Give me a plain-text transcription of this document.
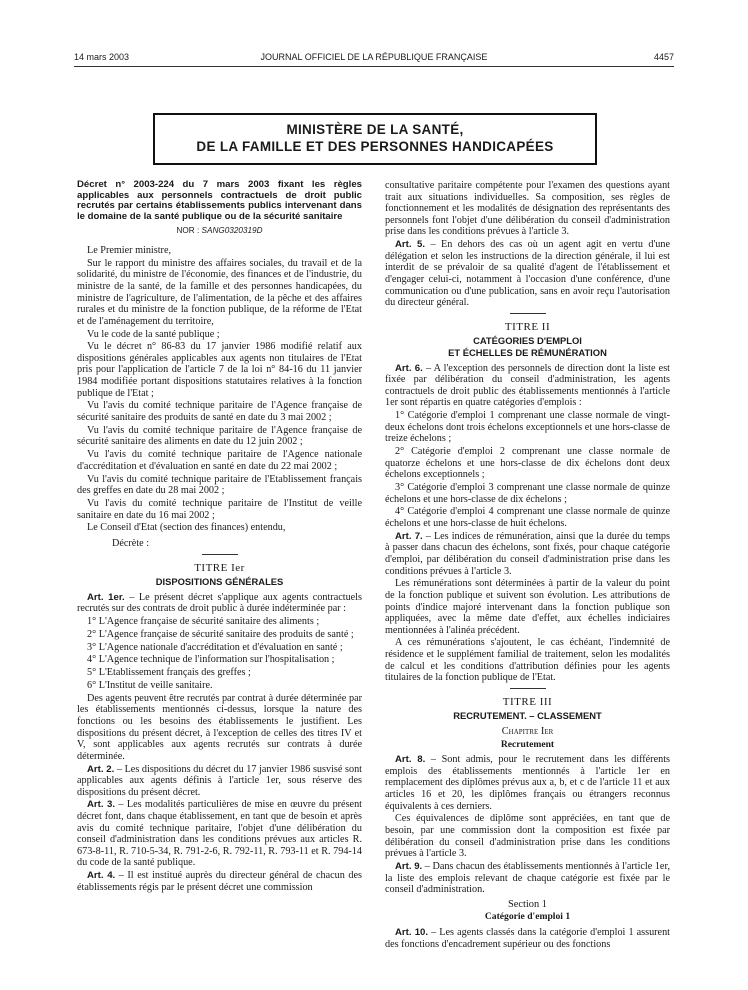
14 mars 2003	JOURNAL OFFICIEL DE LA RÉPUBLIQUE FRANÇAISE	4457
MINISTÈRE DE LA SANTÉ,
DE LA FAMILLE ET DES PERSONNES HANDICAPÉES

Décret n° 2003-224 du 7 mars 2003 fixant les règles applicables aux personnels contractuels de droit public recrutés par certains établissements publics intervenant dans le domaine de la santé publique ou de la sécurité sanitaire

NOR : SANG0320319D

Le Premier ministre,

Sur le rapport du ministre des affaires sociales, du travail et de la solidarité, du ministre de l'économie, des finances et de l'industrie, du ministre de la santé, de la famille et des personnes handicapées, du ministre de l'agriculture, de l'alimentation, de la pêche et des affaires rurales et du ministre de la fonction publique, de la réforme de l'Etat et de l'aménagement du territoire,

Vu le code de la santé publique ;

Vu le décret n° 86-83 du 17 janvier 1986 modifié relatif aux dispositions générales applicables aux agents non titulaires de l'Etat pris pour l'application de l'article 7 de la loi n° 84-16 du 11 janvier 1984 modifiée portant dispositions statutaires relatives à la fonction publique de l'Etat ;

Vu l'avis du comité technique paritaire de l'Agence française de sécurité sanitaire des produits de santé en date du 3 mai 2002 ;

Vu l'avis du comité technique paritaire de l'Agence française de sécurité sanitaire des aliments en date du 12 juin 2002 ;

Vu l'avis du comité technique paritaire de l'Agence nationale d'accréditation et d'évaluation en santé en date du 22 mai 2002 ;

Vu l'avis du comité technique paritaire de l'Etablissement français des greffes en date du 28 mai 2002 ;

Vu l'avis du comité technique paritaire de l'Institut de veille sanitaire en date du 16 mai 2002 ;

Le Conseil d'Etat (section des finances) entendu,

Décrète :

TITRE Ier

DISPOSITIONS GÉNÉRALES

Art. 1er. – Le présent décret s'applique aux agents contractuels recrutés sur des contrats de droit public à durée indéterminée par :

1° L'Agence française de sécurité sanitaire des aliments ;

2° L'Agence française de sécurité sanitaire des produits de santé ;

3° L'Agence nationale d'accréditation et d'évaluation en santé ;

4° L'Agence technique de l'information sur l'hospitalisation ;

5° L'Etablissement français des greffes ;

6° L'Institut de veille sanitaire.

Des agents peuvent être recrutés par contrat à durée déterminée par les établissements mentionnés ci-dessus, lorsque la nature des fonctions ou les besoins des établissements le justifient. Les dispositions du présent décret, à l'exception de celles des titres IV et V, sont applicables aux agents recrutés sur contrats à durée déterminée.

Art. 2. – Les dispositions du décret du 17 janvier 1986 susvisé sont applicables aux agents définis à l'article 1er, sous réserve des dispositions du présent décret.

Art. 3. – Les modalités particulières de mise en œuvre du présent décret font, dans chaque établissement, en tant que de besoin et après avis du comité technique paritaire, l'objet d'une délibération du conseil d'administration dans les conditions prévues aux articles R. 673-8-11, R. 710-5-34, R. 791-2-6, R. 792-11, R. 793-11 et R. 794-14 du code de la santé publique.

Art. 4. – Il est institué auprès du directeur général de chacun des établissements régis par le présent décret une commission

consultative paritaire compétente pour l'examen des questions ayant trait aux situations individuelles. Sa composition, ses règles de fonctionnement et les modalités de désignation des représentants des personnels font l'objet d'une délibération du conseil d'administration prise dans les conditions prévues à l'article 3.

Art. 5. – En dehors des cas où un agent agit en vertu d'une délégation et selon les instructions de la direction générale, il lui est interdit de se prévaloir de sa qualité d'agent de l'établissement et d'engager celui-ci, notamment à l'occasion d'une conférence, d'une communication ou d'une publication, sans en avoir reçu l'autorisation du directeur général.

TITRE II

CATÉGORIES D'EMPLOI

ET ÉCHELLES DE RÉMUNÉRATION

Art. 6. – A l'exception des personnels de direction dont la liste est fixée par délibération du conseil d'administration, les agents contractuels de droit public des établissements mentionnés à l'article 1er sont répartis en quatre catégories d'emplois :

1° Catégorie d'emploi 1 comprenant une classe normale de vingt-deux échelons dont trois échelons exceptionnels et une hors-classe de treize échelons ;

2° Catégorie d'emploi 2 comprenant une classe normale de quatorze échelons et une hors-classe de dix échelons dont deux échelons exceptionnels ;

3° Catégorie d'emploi 3 comprenant une classe normale de quinze échelons et une hors-classe de dix échelons ;

4° Catégorie d'emploi 4 comprenant une classe normale de quinze échelons et une hors-classe de huit échelons.

Art. 7. – Les indices de rémunération, ainsi que la durée du temps à passer dans chacun des échelons, sont fixés, pour chaque catégorie d'emploi, par délibération du conseil d'administration prise dans les conditions prévues à l'article 3.

Les rémunérations sont déterminées à partir de la valeur du point de la fonction publique et suivent son évolution. Les attributions de points d'indice majoré intervenant dans la fonction publique son appliquées, avec la même date d'effet, aux échelles indiciaires mentionnées à l'alinéa précédent.

A ces rémunérations s'ajoutent, le cas échéant, l'indemnité de résidence et le supplément familial de traitement, selon les modalités de calcul et les conditions d'attribution définies pour les agents titulaires de la fonction publique de l'Etat.

TITRE III

RECRUTEMENT. – CLASSEMENT

Chapitre Ier

Recrutement

Art. 8. – Sont admis, pour le recrutement dans les différents emplois des établissements mentionnés à l'article 1er en remplacement des diplômes prévus aux a, b, et c de l'article 11 et aux articles 16 et 20, les diplômes français ou étrangers reconnus équivalents à ces derniers.

Ces équivalences de diplôme sont appréciées, en tant que de besoin, par une commission dont la composition est fixée par délibération du conseil d'administration prise dans les conditions prévues à l'article 3.

Art. 9. – Dans chacun des établissements mentionnés à l'article 1er, la liste des emplois relevant de chaque catégorie est fixée par le conseil d'administration.

Section 1

Catégorie d'emploi 1

Art. 10. – Les agents classés dans la catégorie d'emploi 1 assurent des fonctions d'encadrement supérieur ou des fonctions
